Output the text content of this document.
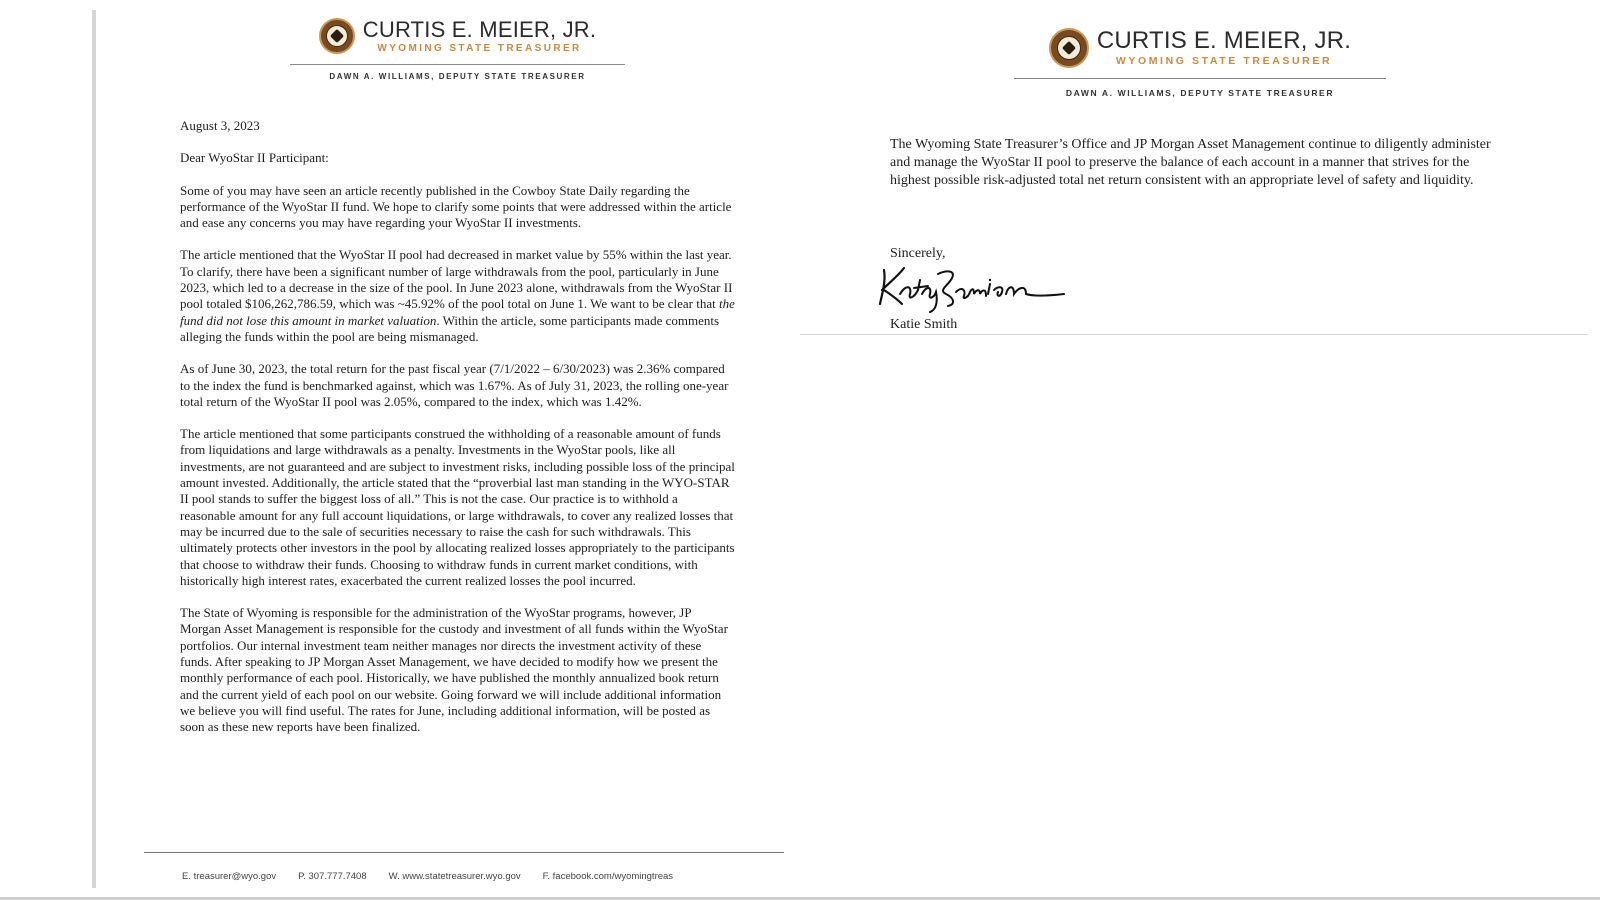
CURTIS E. MEIER, JR.
WYOMING STATE TREASURER
DAWN A. WILLIAMS, DEPUTY STATE TREASURER

August 3, 2023

Dear WyoStar II Participant:

Some of you may have seen an article recently published in the Cowboy State Daily regarding the performance of the WyoStar II fund. We hope to clarify some points that were addressed within the article and ease any concerns you may have regarding your WyoStar II investments.

The article mentioned that the WyoStar II pool had decreased in market value by 55% within the last year. To clarify, there have been a significant number of large withdrawals from the pool, particularly in June 2023, which led to a decrease in the size of the pool. In June 2023 alone, withdrawals from the WyoStar II pool totaled $106,262,786.59, which was ~45.92% of the pool total on June 1. We want to be clear that the fund did not lose this amount in market valuation. Within the article, some participants made comments alleging the funds within the pool are being mismanaged.

As of June 30, 2023, the total return for the past fiscal year (7/1/2022 – 6/30/2023) was 2.36% compared to the index the fund is benchmarked against, which was 1.67%. As of July 31, 2023, the rolling one-year total return of the WyoStar II pool was 2.05%, compared to the index, which was 1.42%.

The article mentioned that some participants construed the withholding of a reasonable amount of funds from liquidations and large withdrawals as a penalty. Investments in the WyoStar pools, like all investments, are not guaranteed and are subject to investment risks, including possible loss of the principal amount invested. Additionally, the article stated that the “proverbial last man standing in the WYO-STAR II pool stands to suffer the biggest loss of all.” This is not the case. Our practice is to withhold a reasonable amount for any full account liquidations, or large withdrawals, to cover any realized losses that may be incurred due to the sale of securities necessary to raise the cash for such withdrawals. This ultimately protects other investors in the pool by allocating realized losses appropriately to the participants that choose to withdraw their funds. Choosing to withdraw funds in current market conditions, with historically high interest rates, exacerbated the current realized losses the pool incurred.

The State of Wyoming is responsible for the administration of the WyoStar programs, however, JP Morgan Asset Management is responsible for the custody and investment of all funds within the WyoStar portfolios. Our internal investment team neither manages nor directs the investment activity of these funds. After speaking to JP Morgan Asset Management, we have decided to modify how we present the monthly performance of each pool. Historically, we have published the monthly annualized book return and the current yield of each pool on our website. Going forward we will include additional information we believe you will find useful. The rates for June, including additional information, will be posted as soon as these new reports have been finalized.

E. treasurer@wyo.gov P. 307.777.7408 W. www.statetreasurer.wyo.gov F. facebook.com/wyomingtreas
CURTIS E. MEIER, JR.
WYOMING STATE TREASURER
DAWN A. WILLIAMS, DEPUTY STATE TREASURER

The Wyoming State Treasurer’s Office and JP Morgan Asset Management continue to diligently administer and manage the WyoStar II pool to preserve the balance of each account in a manner that strives for the highest possible risk-adjusted total net return consistent with an appropriate level of safety and liquidity.

Sincerely,
Katie Smith
